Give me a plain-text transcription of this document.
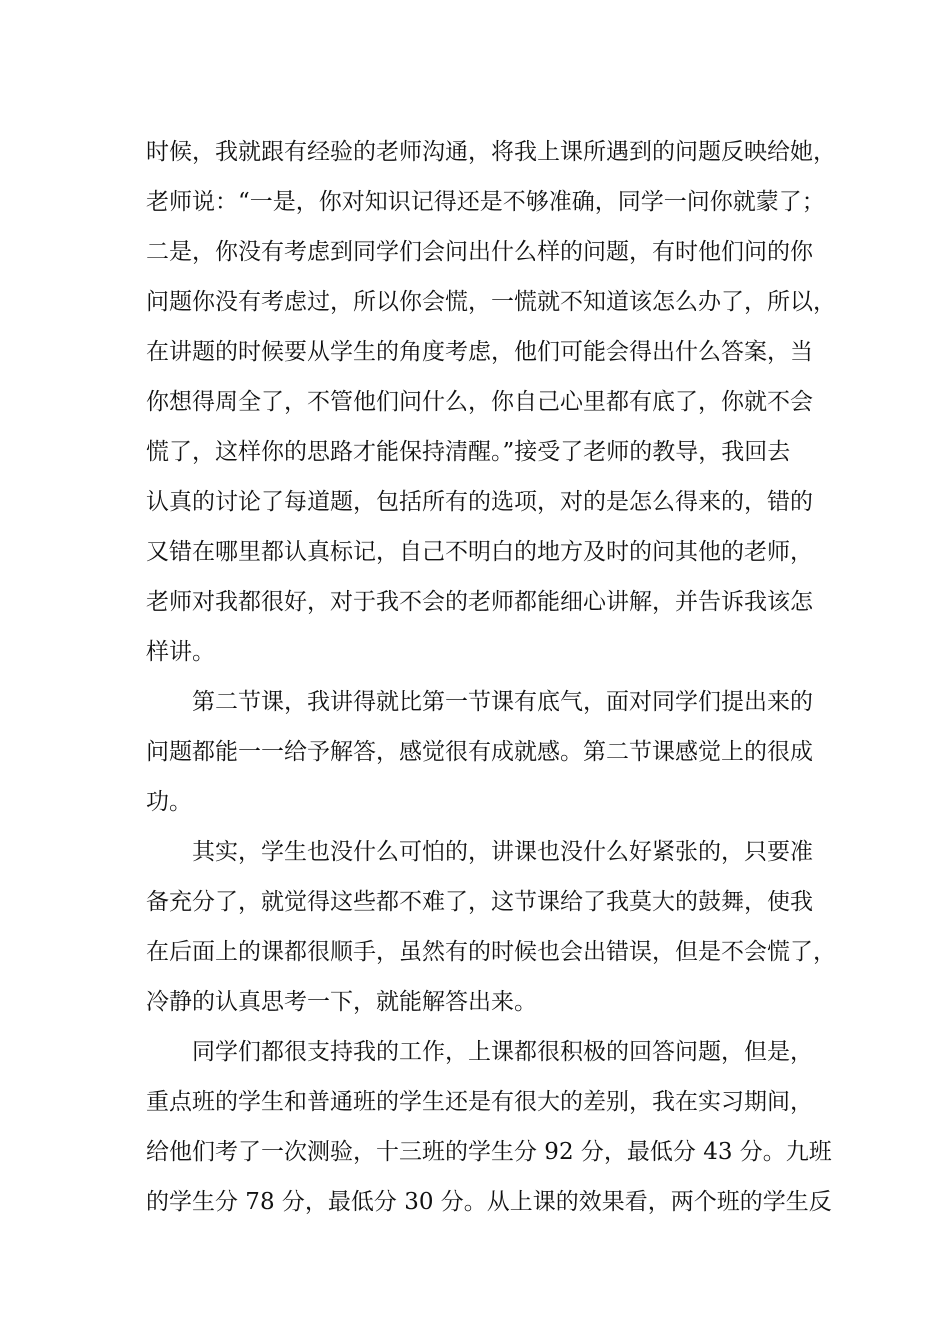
时候，我就跟有经验的老师沟通，将我上课所遇到的问题反映给她，
老师说：“一是，你对知识记得还是不够准确，同学一问你就蒙了；
二是，你没有考虑到同学们会问出什么样的问题，有时他们问的你
问题你没有考虑过，所以你会慌，一慌就不知道该怎么办了，所以，
在讲题的时候要从学生的角度考虑，他们可能会得出什么答案，当
你想得周全了，不管他们问什么，你自己心里都有底了，你就不会
慌了，这样你的思路才能保持清醒。”接受了老师的教导，我回去
认真的讨论了每道题，包括所有的选项，对的是怎么得来的，错的
又错在哪里都认真标记，自己不明白的地方及时的问其他的老师，
老师对我都很好，对于我不会的老师都能细心讲解，并告诉我该怎
样讲。
第二节课，我讲得就比第一节课有底气，面对同学们提出来的
问题都能一一给予解答，感觉很有成就感。第二节课感觉上的很成
功。
其实，学生也没什么可怕的，讲课也没什么好紧张的，只要准
备充分了，就觉得这些都不难了，这节课给了我莫大的鼓舞，使我
在后面上的课都很顺手，虽然有的时候也会出错误，但是不会慌了，
冷静的认真思考一下，就能解答出来。
同学们都很支持我的工作，上课都很积极的回答问题，但是，
重点班的学生和普通班的学生还是有很大的差别，我在实习期间，
给他们考了一次测验，十三班的学生分 92 分，最低分 43 分。九班
的学生分 78 分，最低分 30 分。从上课的效果看，两个班的学生反
